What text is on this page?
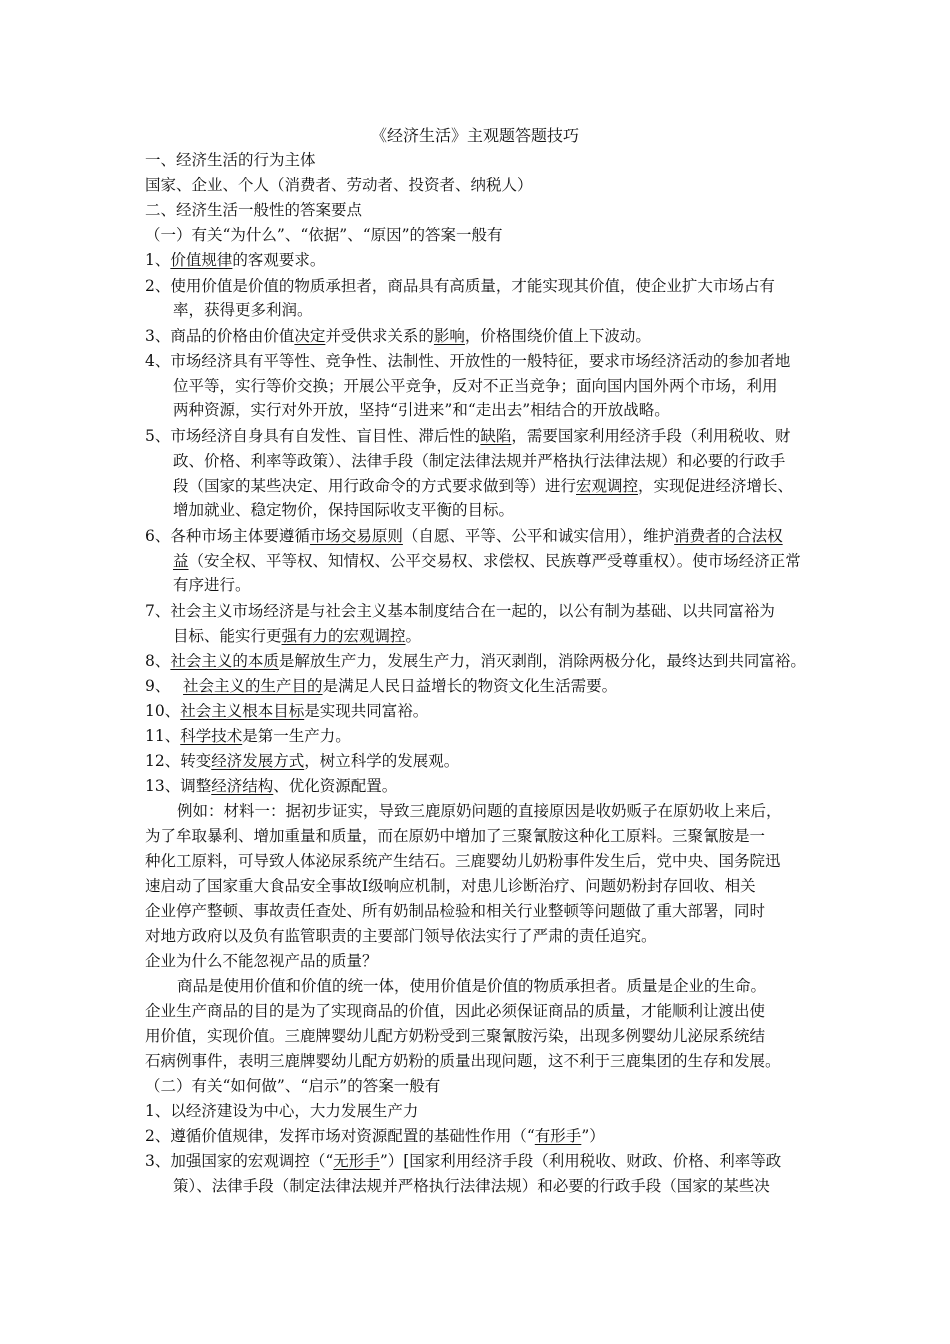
《经济生活》主观题答题技巧
一、经济生活的行为主体
国家、企业、个人（消费者、劳动者、投资者、纳税人）
二、经济生活一般性的答案要点
（一）有关“为什么”、“依据”、“原因”的答案一般有
1、价值规律的客观要求。
2、使用价值是价值的物质承担者，商品具有高质量，才能实现其价值，使企业扩大市场占有
率，获得更多利润。
3、商品的价格由价值决定并受供求关系的影响，价格围绕价值上下波动。
4、市场经济具有平等性、竞争性、法制性、开放性的一般特征，要求市场经济活动的参加者地
位平等，实行等价交换；开展公平竞争，反对不正当竞争；面向国内国外两个市场，利用
两种资源，实行对外开放，坚持“引进来”和“走出去”相结合的开放战略。
5、市场经济自身具有自发性、盲目性、滞后性的缺陷，需要国家利用经济手段（利用税收、财
政、价格、利率等政策）、法律手段（制定法律法规并严格执行法律法规）和必要的行政手
段（国家的某些决定、用行政命令的方式要求做到等）进行宏观调控，实现促进经济增长、
增加就业、稳定物价，保持国际收支平衡的目标。
6、各种市场主体要遵循市场交易原则（自愿、平等、公平和诚实信用），维护消费者的合法权
益（安全权、平等权、知情权、公平交易权、求偿权、民族尊严受尊重权）。使市场经济正常
有序进行。
7、社会主义市场经济是与社会主义基本制度结合在一起的，以公有制为基础、以共同富裕为
目标、能实行更强有力的宏观调控。
8、社会主义的本质是解放生产力，发展生产力，消灭剥削，消除两极分化，最终达到共同富裕。
9、　 社会主义的生产目的是满足人民日益增长的物资文化生活需要。
10、社会主义根本目标是实现共同富裕。
11、科学技术是第一生产力。
12、转变经济发展方式，树立科学的发展观。
13、调整经济结构、优化资源配置。
例如：材料一：据初步证实，导致三鹿原奶问题的直接原因是收奶贩子在原奶收上来后，
为了牟取暴利、增加重量和质量，而在原奶中增加了三聚氰胺这种化工原料。三聚氰胺是一
种化工原料，可导致人体泌尿系统产生结石。三鹿婴幼儿奶粉事件发生后，党中央、国务院迅
速启动了国家重大食品安全事故Ⅰ级响应机制，对患儿诊断治疗、问题奶粉封存回收、相关
企业停产整顿、事故责任查处、所有奶制品检验和相关行业整顿等问题做了重大部署，同时
对地方政府以及负有监管职责的主要部门领导依法实行了严肃的责任追究。
企业为什么不能忽视产品的质量？
商品是使用价值和价值的统一体，使用价值是价值的物质承担者。质量是企业的生命。
企业生产商品的目的是为了实现商品的价值，因此必须保证商品的质量，才能顺利让渡出使
用价值，实现价值。三鹿牌婴幼儿配方奶粉受到三聚氰胺污染，出现多例婴幼儿泌尿系统结
石病例事件，表明三鹿牌婴幼儿配方奶粉的质量出现问题，这不利于三鹿集团的生存和发展。
（二）有关“如何做”、“启示”的答案一般有
1、以经济建设为中心，大力发展生产力
2、遵循价值规律，发挥市场对资源配置的基础性作用（“有形手”）
3、加强国家的宏观调控（“无形手”）[国家利用经济手段（利用税收、财政、价格、利率等政
策）、法律手段（制定法律法规并严格执行法律法规）和必要的行政手段（国家的某些决
